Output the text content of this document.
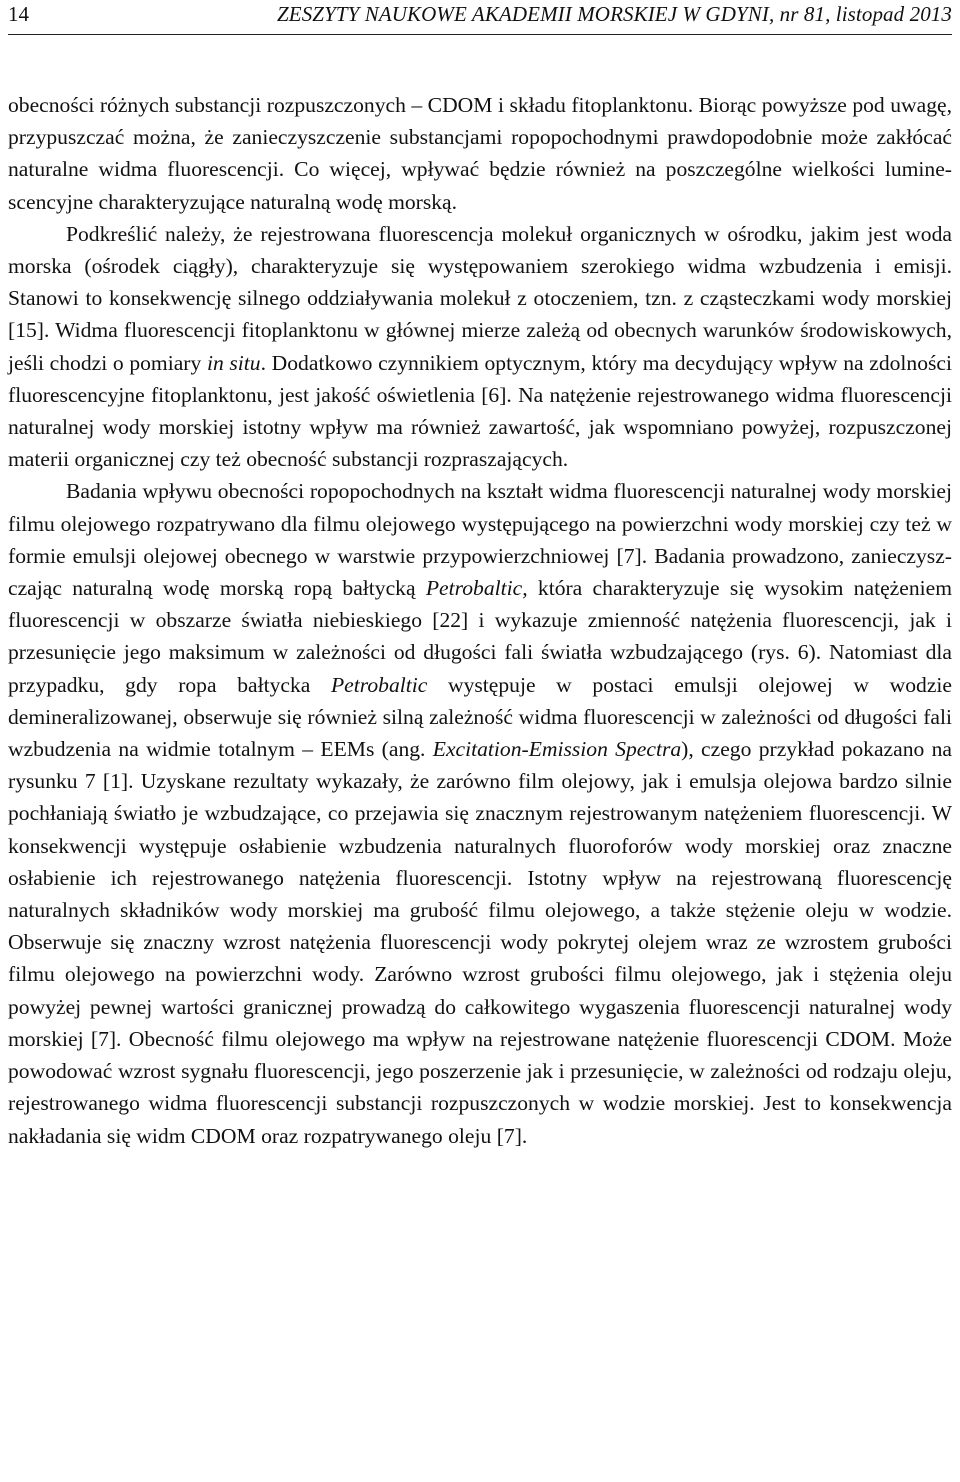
14	ZESZYTY NAUKOWE AKADEMII MORSKIEJ W GDYNI, nr 81, listopad 2013

obecności różnych substancji rozpuszczonych – CDOM i składu fitoplanktonu. Biorąc powyższe pod uwagę, przypuszczać można, że zanieczyszczenie substancjami ropopochodnymi prawdopodobnie może zakłócać naturalne widma fluorescencji. Co więcej, wpływać będzie również na poszczególne wielkości luminescencyjne charakteryzujące naturalną wodę morską.

Podkreślić należy, że rejestrowana fluorescencja molekuł organicznych w ośrodku, jakim jest woda morska (ośrodek ciągły), charakteryzuje się występowaniem szerokiego widma wzbudzenia i emisji. Stanowi to konsekwencję silnego oddziaływania molekuł z otoczeniem, tzn. z cząsteczkami wody morskiej [15]. Widma fluorescencji fitoplanktonu w głównej mierze zależą od obecnych warunków środowiskowych, jeśli chodzi o pomiary in situ. Dodatkowo czynnikiem optycznym, który ma decydujący wpływ na zdolności fluorescencyjne fitoplanktonu, jest jakość oświetlenia [6]. Na natężenie rejestrowanego widma fluorescencji naturalnej wody morskiej istotny wpływ ma również zawartość, jak wspomniano powyżej, rozpuszczonej materii organicznej czy też obecność substancji rozpraszających.

Badania wpływu obecności ropopochodnych na kształt widma fluorescencji naturalnej wody morskiej filmu olejowego rozpatrywano dla filmu olejowego występującego na powierzchni wody morskiej czy też w formie emulsji olejowej obecnego w warstwie przypowierzchniowej [7]. Badania prowadzono, zanieczyszczając naturalną wodę morską ropą bałtycką Petrobaltic, która charakteryzuje się wysokim natężeniem fluorescencji w obszarze światła niebieskiego [22] i wykazuje zmienność natężenia fluorescencji, jak i przesunięcie jego maksimum w zależności od długości fali światła wzbudzającego (rys. 6). Natomiast dla przypadku, gdy ropa bałtycka Petrobaltic występuje w postaci emulsji olejowej w wodzie demineralizowanej, obserwuje się również silną zależność widma fluorescencji w zależności od długości fali wzbudzenia na widmie totalnym – EEMs (ang. Excitation-Emission Spectra), czego przykład pokazano na rysunku 7 [1]. Uzyskane rezultaty wykazały, że zarówno film olejowy, jak i emulsja olejowa bardzo silnie pochłaniają światło je wzbudzające, co przejawia się znacznym rejestrowanym natężeniem fluorescencji. W konsekwencji występuje osłabienie wzbudzenia naturalnych fluoroforów wody morskiej oraz znaczne osłabienie ich rejestrowanego natężenia fluorescencji. Istotny wpływ na rejestrowaną fluorescencję naturalnych składników wody morskiej ma grubość filmu olejowego, a także stężenie oleju w wodzie. Obserwuje się znaczny wzrost natężenia fluorescencji wody pokrytej olejem wraz ze wzrostem grubości filmu olejowego na powierzchni wody. Zarówno wzrost grubości filmu olejowego, jak i stężenia oleju powyżej pewnej wartości granicznej prowadzą do całkowitego wygaszenia fluorescencji naturalnej wody morskiej [7]. Obecność filmu olejowego ma wpływ na rejestrowane natężenie fluorescencji CDOM. Może powodować wzrost sygnału fluorescencji, jego poszerzenie jak i przesunięcie, w zależności od rodzaju oleju, rejestrowanego widma fluorescencji substancji rozpuszczonych w wodzie morskiej. Jest to konsekwencja nakładania się widm CDOM oraz rozpatrywanego oleju [7].
